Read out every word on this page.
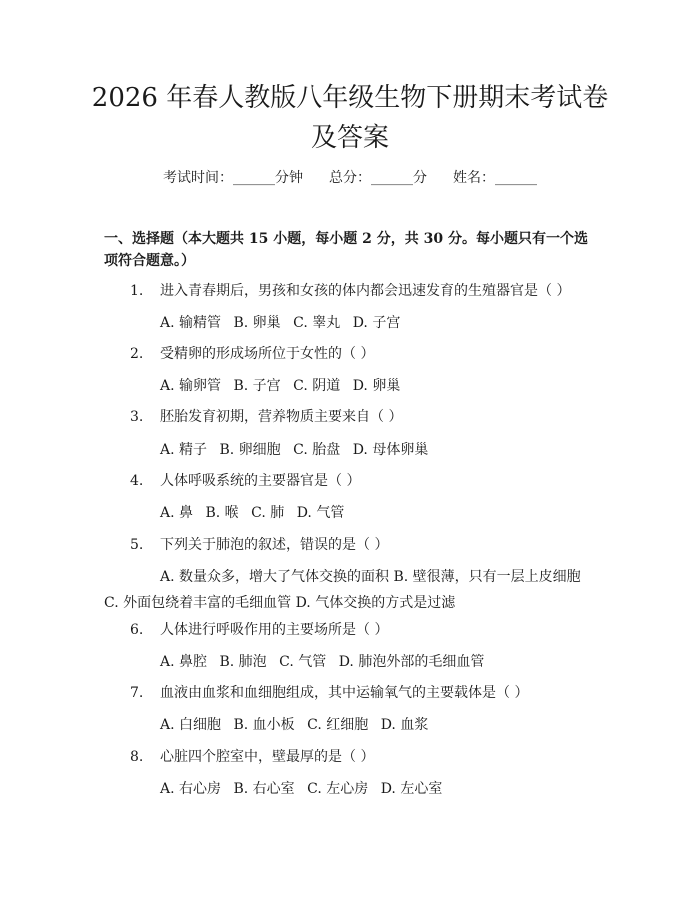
2026 年春人教版八年级生物下册期末考试卷
及答案
考试时间：______分钟 总分：______分 姓名：______

一、选择题（本大题共 15 小题，每小题 2 分，共 30 分。每小题只有一个选项符合题意。）

1. 进入青春期后，男孩和女孩的体内都会迅速发育的生殖器官是（ ）
A. 输精管 B. 卵巢 C. 睾丸 D. 子宫
2. 受精卵的形成场所位于女性的（ ）
A. 输卵管 B. 子宫 C. 阴道 D. 卵巢
3. 胚胎发育初期，营养物质主要来自（ ）
A. 精子 B. 卵细胞 C. 胎盘 D. 母体卵巢
4. 人体呼吸系统的主要器官是（ ）
A. 鼻 B. 喉 C. 肺 D. 气管
5. 下列关于肺泡的叙述，错误的是（ ）
A. 数量众多，增大了气体交换的面积 B. 壁很薄，只有一层上皮细胞
C. 外面包绕着丰富的毛细血管 D. 气体交换的方式是过滤
6. 人体进行呼吸作用的主要场所是（ ）
A. 鼻腔 B. 肺泡 C. 气管 D. 肺泡外部的毛细血管
7. 血液由血浆和血细胞组成，其中运输氧气的主要载体是（ ）
A. 白细胞 B. 血小板 C. 红细胞 D. 血浆
8. 心脏四个腔室中，壁最厚的是（ ）
A. 右心房 B. 右心室 C. 左心房 D. 左心室
